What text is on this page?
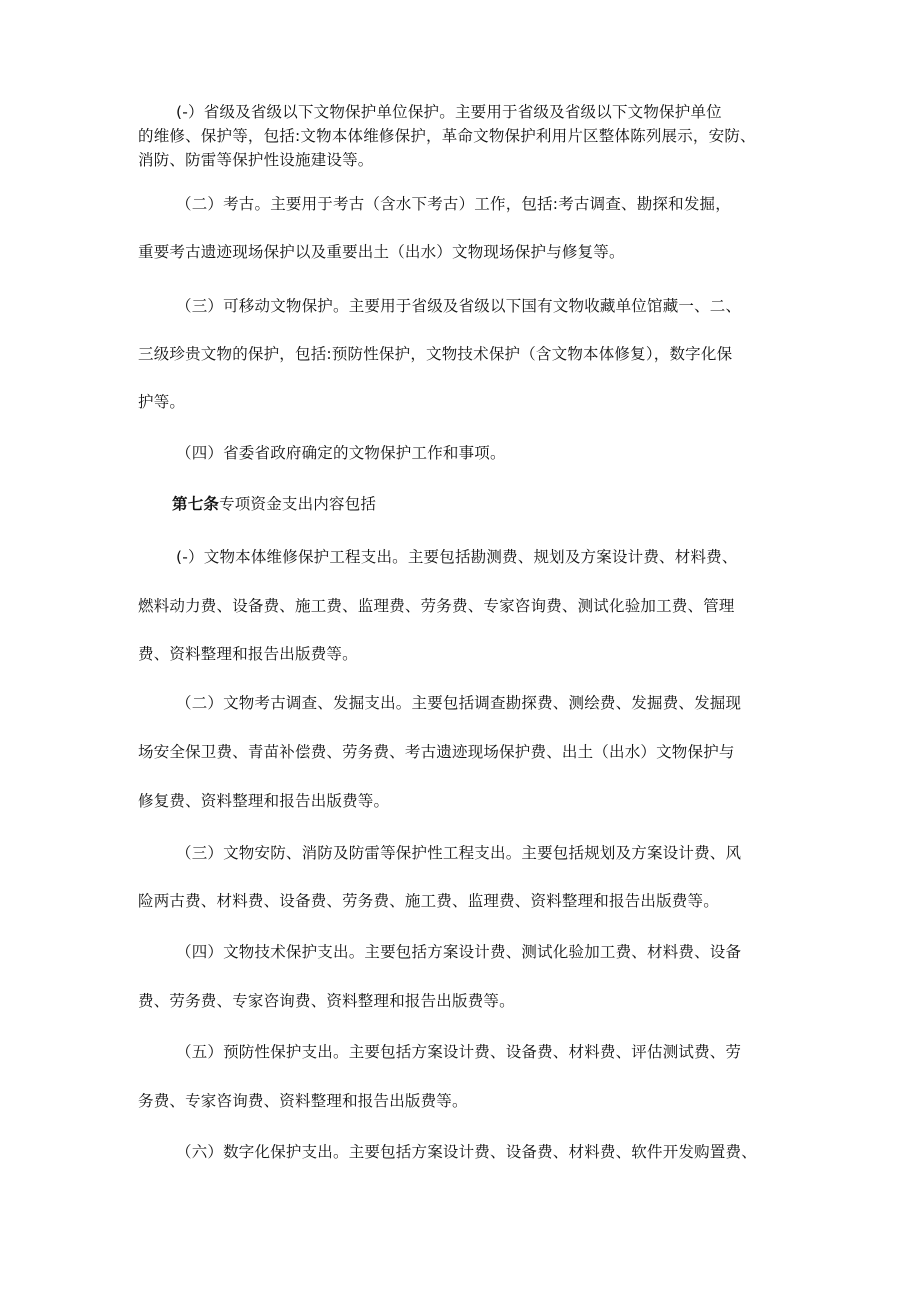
(-）省级及省级以下文物保护单位保护。主要用于省级及省级以下文物保护单位
的维修、保护等，包括:文物本体维修保护，革命文物保护利用片区整体陈列展示，安防、
消防、防雷等保护性设施建设等。
（二）考古。主要用于考古（含水下考古）工作，包括:考古调查、勘探和发掘，
重要考古遗迹现场保护以及重要出土（出水）文物现场保护与修复等。
（三）可移动文物保护。主要用于省级及省级以下国有文物收藏单位馆藏一、二、
三级珍贵文物的保护，包括:预防性保护，文物技术保护（含文物本体修复），数字化保
护等。
（四）省委省政府确定的文物保护工作和事项。
第七条专项资金支出内容包括
(-）文物本体维修保护工程支出。主要包括勘测费、规划及方案设计费、材料费、
燃料动力费、设备费、施工费、监理费、劳务费、专家咨询费、测试化验加工费、管理
费、资料整理和报告出版费等。
（二）文物考古调查、发掘支出。主要包括调查勘探费、测绘费、发掘费、发掘现
场安全保卫费、青苗补偿费、劳务费、考古遗迹现场保护费、出土（出水）文物保护与
修复费、资料整理和报告出版费等。
（三）文物安防、消防及防雷等保护性工程支出。主要包括规划及方案设计费、风
险两古费、材料费、设备费、劳务费、施工费、监理费、资料整理和报告出版费等。
（四）文物技术保护支出。主要包括方案设计费、测试化验加工费、材料费、设备
费、劳务费、专家咨询费、资料整理和报告出版费等。
（五）预防性保护支出。主要包括方案设计费、设备费、材料费、评估测试费、劳
务费、专家咨询费、资料整理和报告出版费等。
（六）数字化保护支出。主要包括方案设计费、设备费、材料费、软件开发购置费、
